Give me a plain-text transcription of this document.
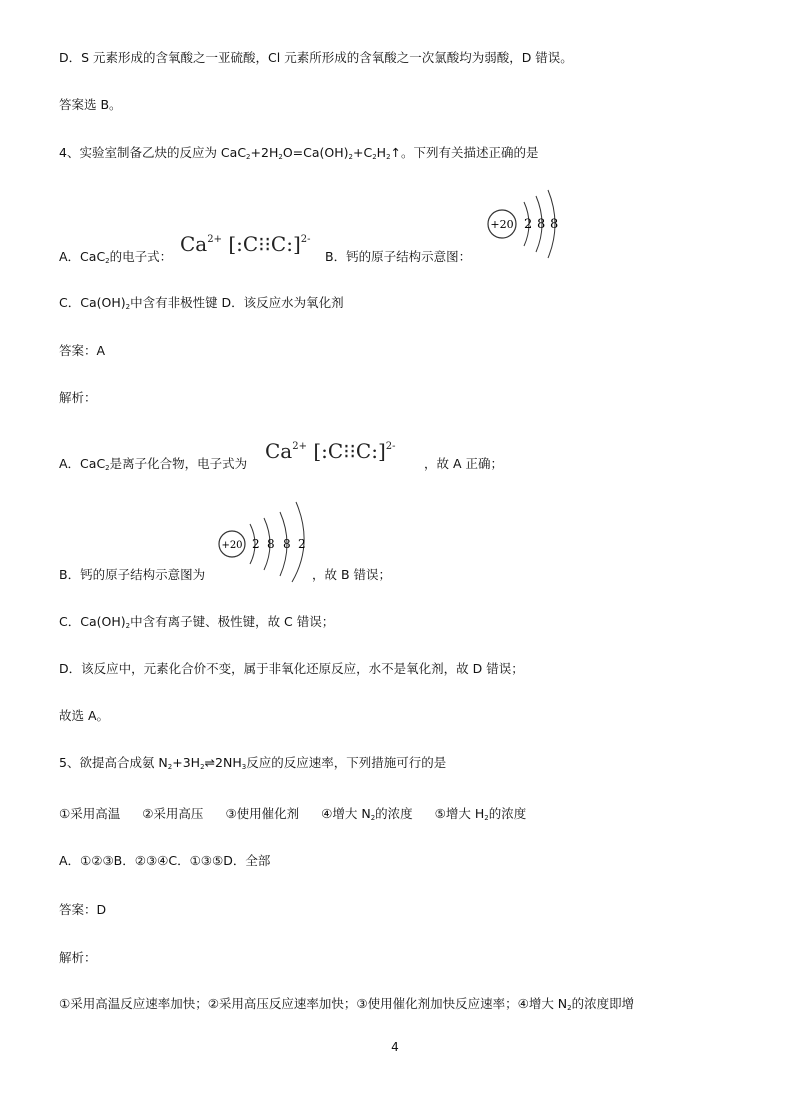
D．S 元素形成的含氧酸之一亚硫酸，Cl 元素所形成的含氧酸之一次氯酸均为弱酸，D 错误。
答案选 B。
4、实验室制备乙炔的反应为 $CaC_2+2H_2O=Ca(OH)_2+C_2H_2↑$。下列有关描述正确的是
A．CaC$_2$的电子式：
$Ca^{2+}$ [:C⁝⁝C:]$^{2-}$
B．钙的原子结构示意图：
+20 2 8 8
C．$Ca(OH)_2$中含有非极性键 D．该反应水为氧化剂
答案：A
解析：
A．CaC$_2$是离子化合物，电子式为
$Ca^{2+}$ [:C⁝⁝C:]$^{2-}$
，故 A 正确；
+20 2 8 8 2
B．钙的原子结构示意图为	，故 B 错误；
C．$Ca(OH)_2$中含有离子键、极性键，故 C 错误；
D．该反应中，元素化合价不变，属于非氧化还原反应，水不是氧化剂，故 D 错误；
故选 A。
5、欲提高合成氨 $N_2+3H_2\rightleftharpoons 2NH_3$反应的反应速率，下列措施可行的是
①采用高温 ②采用高压 ③使用催化剂 ④增大 $N_2$的浓度 ⑤增大 $H_2$的浓度
A．①②③B．②③④C．①③⑤D．全部
答案：D
解析：
①采用高温反应速率加快；②采用高压反应速率加快；③使用催化剂加快反应速率；④增大 $N_2$的浓度即增
4
